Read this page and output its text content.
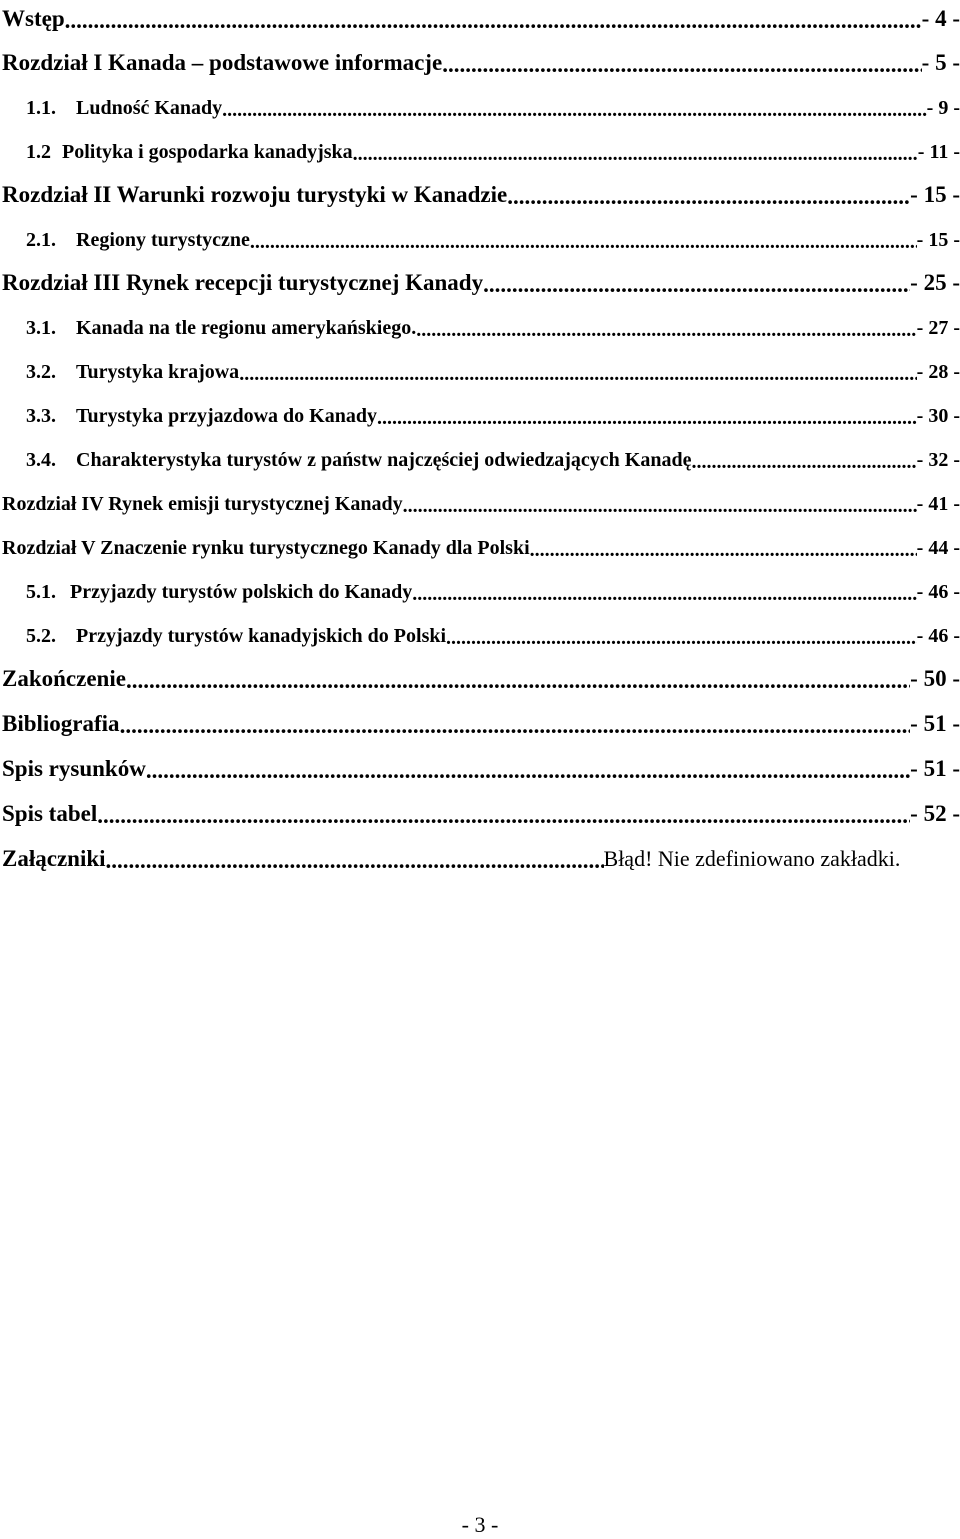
Wstęp .....	- 4 -
Rozdział I Kanada – podstawowe informacje .....	- 5 -
1.1.	Ludność Kanady .....	- 9 -
1.2 Polityka i gospodarka kanadyjska .....	- 11 -
Rozdział II Warunki rozwoju turystyki w Kanadzie .....	- 15 -
2.1.	Regiony turystyczne .....	- 15 -
Rozdział III Rynek recepcji turystycznej Kanady .....	- 25 -
3.1.	Kanada na tle regionu amerykańskiego. .....	- 27 -
3.2.	Turystyka krajowa .....	- 28 -
3.3.	Turystyka przyjazdowa do Kanady .....	- 30 -
3.4.	Charakterystyka turystów z państw najczęściej odwiedzających Kanadę .....	- 32 -
Rozdział IV Rynek emisji turystycznej Kanady .....	- 41 -
Rozdział V Znaczenie rynku turystycznego Kanady dla Polski .....	- 44 -
5.1. Przyjazdy turystów polskich do Kanady .....	- 46 -
5.2.	Przyjazdy turystów kanadyjskich do Polski .....	- 46 -
Zakończenie .....	- 50 -
Bibliografia .....	- 51 -
Spis rysunków .....	- 51 -
Spis tabel .....	- 52 -
Załączniki .....	Błąd! Nie zdefiniowano zakładki.
- 3 -
